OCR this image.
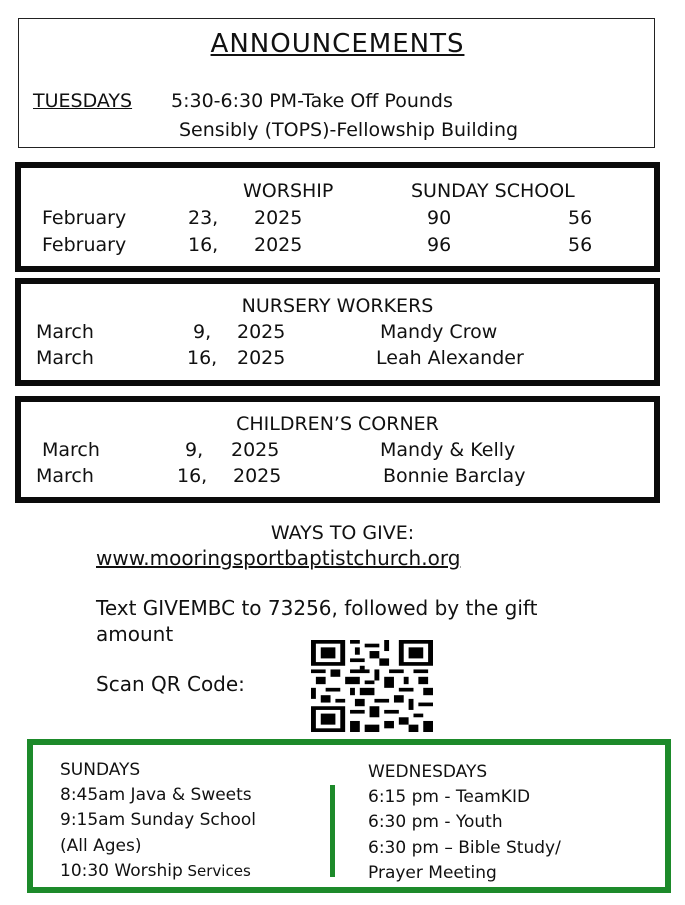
ANNOUNCEMENTS
TUESDAYS 5:30-6:30 PM-Take Off Pounds
Sensibly (TOPS)-Fellowship Building
WORSHIP	SUNDAY SCHOOL
February	23, 2025	90	56
February	16, 2025	96	56
NURSERY WORKERS
March	9, 2025	Mandy Crow
March	16, 2025	Leah Alexander
CHILDREN’S CORNER
March	9, 2025	Mandy & Kelly
March	16, 2025	Bonnie Barclay
WAYS TO GIVE:
www.mooringsportbaptistchurch.org
Text GIVEMBC to 73256, followed by the gift
amount
Scan QR Code:
SUNDAYS
8:45am Java & Sweets
9:15am Sunday School
(All Ages)
10:30 Worship Services
WEDNESDAYS
6:15 pm - TeamKID
6:30 pm - Youth
6:30 pm – Bible Study/
Prayer Meeting
